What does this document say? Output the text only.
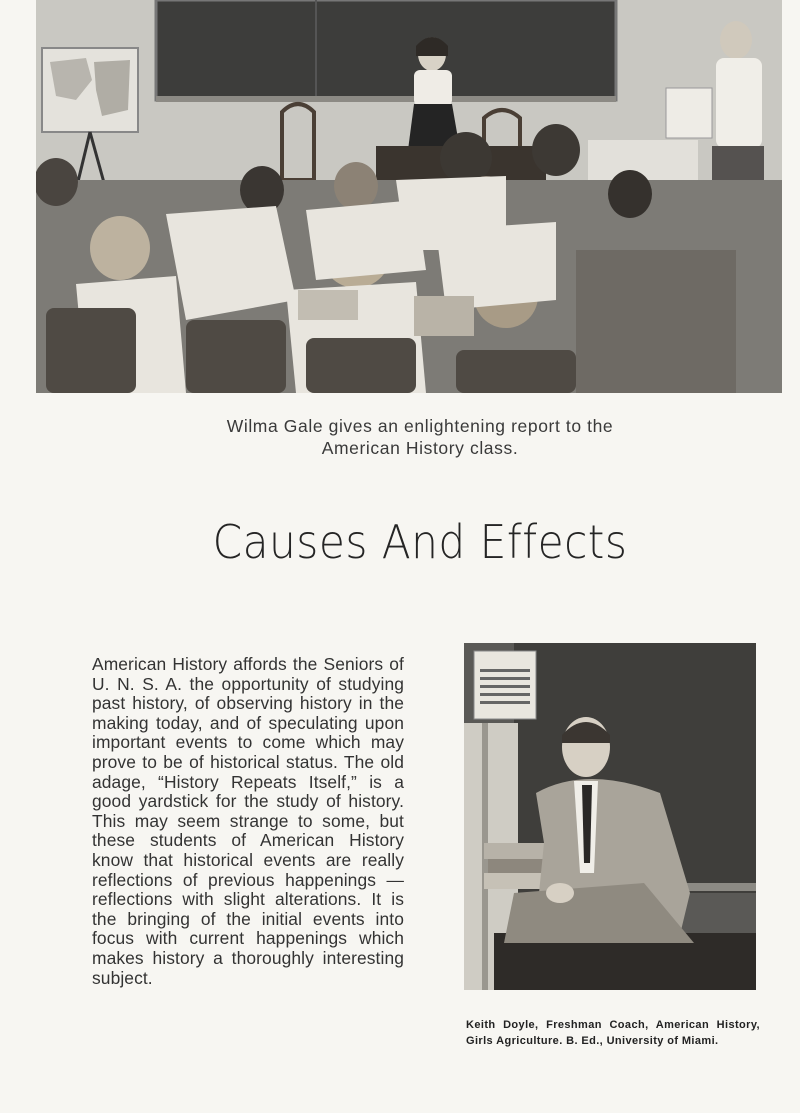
Wilma Gale gives an enlightening report to the
American History class.
Causes And Effects
American History affords the Seniors of U. N. S. A. the opportunity of studying past history, of observing history in the making today, and of speculating upon important events to come which may prove to be of historical status. The old adage, “History Repeats Itself,” is a good yardstick for the study of history. This may seem strange to some, but these students of American History know that historical events are really reflections of previous happenings — reflections with slight alterations. It is the bringing of the initial events into focus with current happenings which makes history a thoroughly interesting subject.
Keith Doyle, Freshman Coach, American History, Girls Agriculture. B. Ed., University of Miami.
